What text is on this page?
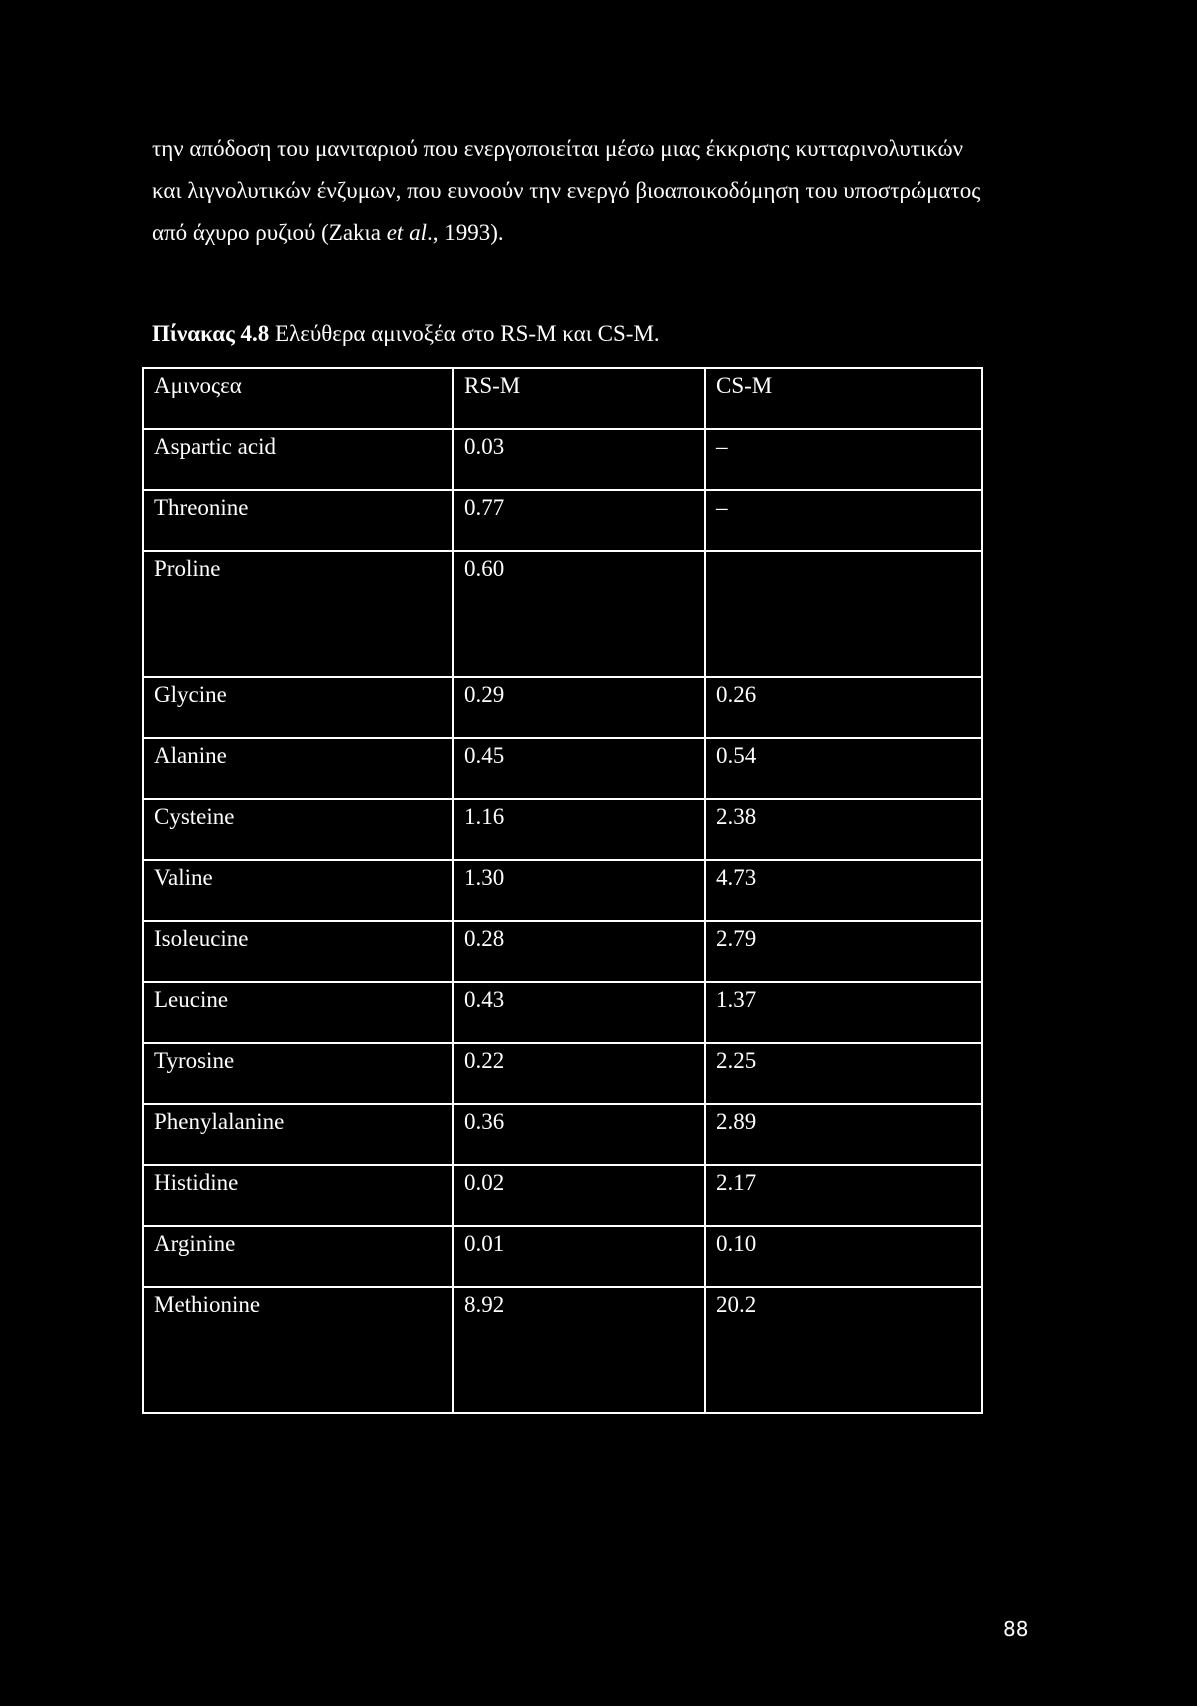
την απόδοση του μανιταριού που ενεργοποιείται μέσω μιας έκκρισης κυτταρινολυτικών
και λιγνολυτικών ένζυμων, που ευνοούν την ενεργό βιοαποικοδόμηση του υποστρώματος
από άχυρο ρυζιού (Zakιa et al., 1993).

Πίνακας 4.8 Ελεύθερα αμινοξέα στο RS-M και CS-M.

Αμινοςεα	RS-M	CS-M
Aspartic acid	0.03	–
Threonine	0.77	–
Proline	0.60	
Glycine	0.29	0.26
Alanine	0.45	0.54
Cysteine	1.16	2.38
Valine	1.30	4.73
Isoleucine	0.28	2.79
Leucine	0.43	1.37
Tyrosine	0.22	2.25
Phenylalanine	0.36	2.89
Histidine	0.02	2.17
Arginine	0.01	0.10
Methionine	8.92	20.2
88
